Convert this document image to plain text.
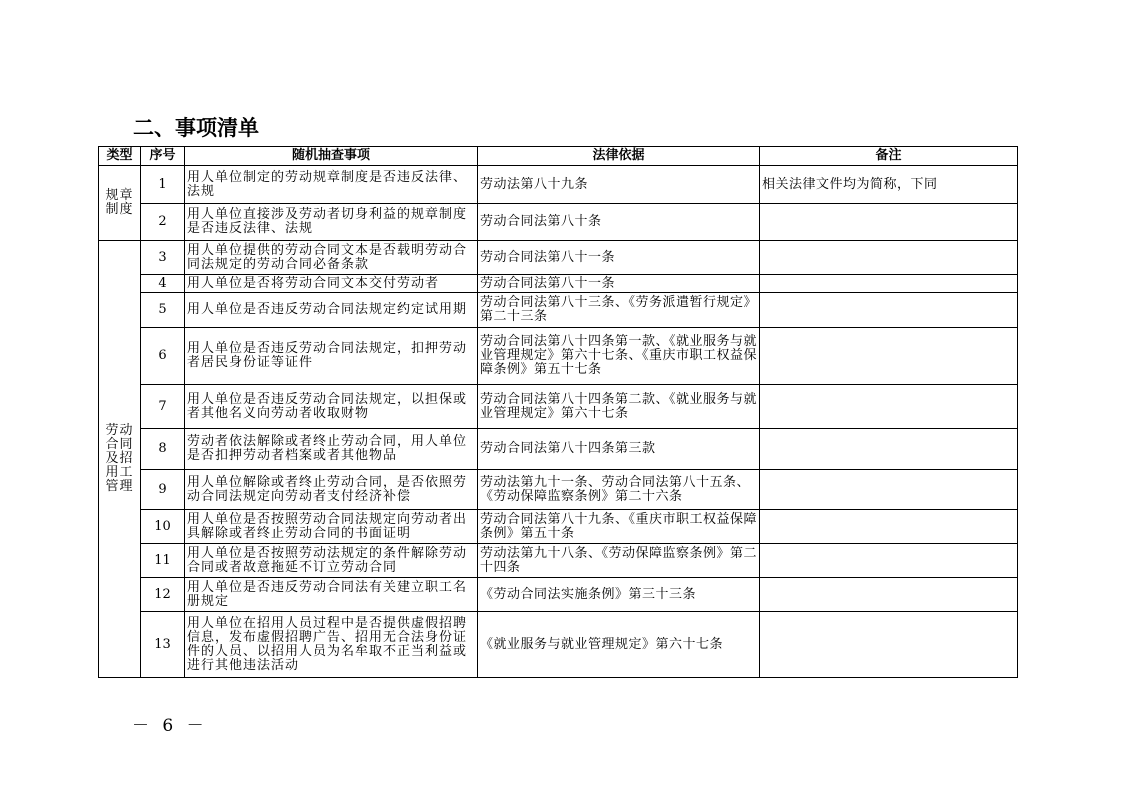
二、事项清单
类型	序号	随机抽查事项	法律依据	备注
规章制度	1	用人单位制定的劳动规章制度是否违反法律、法规	劳动法第八十九条	相关法律文件均为简称，下同
	2	用人单位直接涉及劳动者切身利益的规章制度是否违反法律、法规	劳动合同法第八十条	
劳动合同及招用工管理	3	用人单位提供的劳动合同文本是否载明劳动合同法规定的劳动合同必备条款	劳动合同法第八十一条	
	4	用人单位是否将劳动合同文本交付劳动者	劳动合同法第八十一条	
	5	用人单位是否违反劳动合同法规定约定试用期	劳动合同法第八十三条、《劳务派遣暂行规定》第二十三条	
	6	用人单位是否违反劳动合同法规定，扣押劳动者居民身份证等证件	劳动合同法第八十四条第一款、《就业服务与就业管理规定》第六十七条、《重庆市职工权益保障条例》第五十七条	
	7	用人单位是否违反劳动合同法规定，以担保或者其他名义向劳动者收取财物	劳动合同法第八十四条第二款、《就业服务与就业管理规定》第六十七条	
	8	劳动者依法解除或者终止劳动合同，用人单位是否扣押劳动者档案或者其他物品	劳动合同法第八十四条第三款	
	9	用人单位解除或者终止劳动合同，是否依照劳动合同法规定向劳动者支付经济补偿	劳动法第九十一条、劳动合同法第八十五条、《劳动保障监察条例》第二十六条	
	10	用人单位是否按照劳动合同法规定向劳动者出具解除或者终止劳动合同的书面证明	劳动合同法第八十九条、《重庆市职工权益保障条例》第五十条	
	11	用人单位是否按照劳动法规定的条件解除劳动合同或者故意拖延不订立劳动合同	劳动法第九十八条、《劳动保障监察条例》第二十四条	
	12	用人单位是否违反劳动合同法有关建立职工名册规定	《劳动合同法实施条例》第三十三条	
	13	用人单位在招用人员过程中是否提供虚假招聘信息，发布虚假招聘广告、招用无合法身份证件的人员、以招用人员为名牟取不正当利益或进行其他违法活动	《就业服务与就业管理规定》第六十七条	
－ 6 －
